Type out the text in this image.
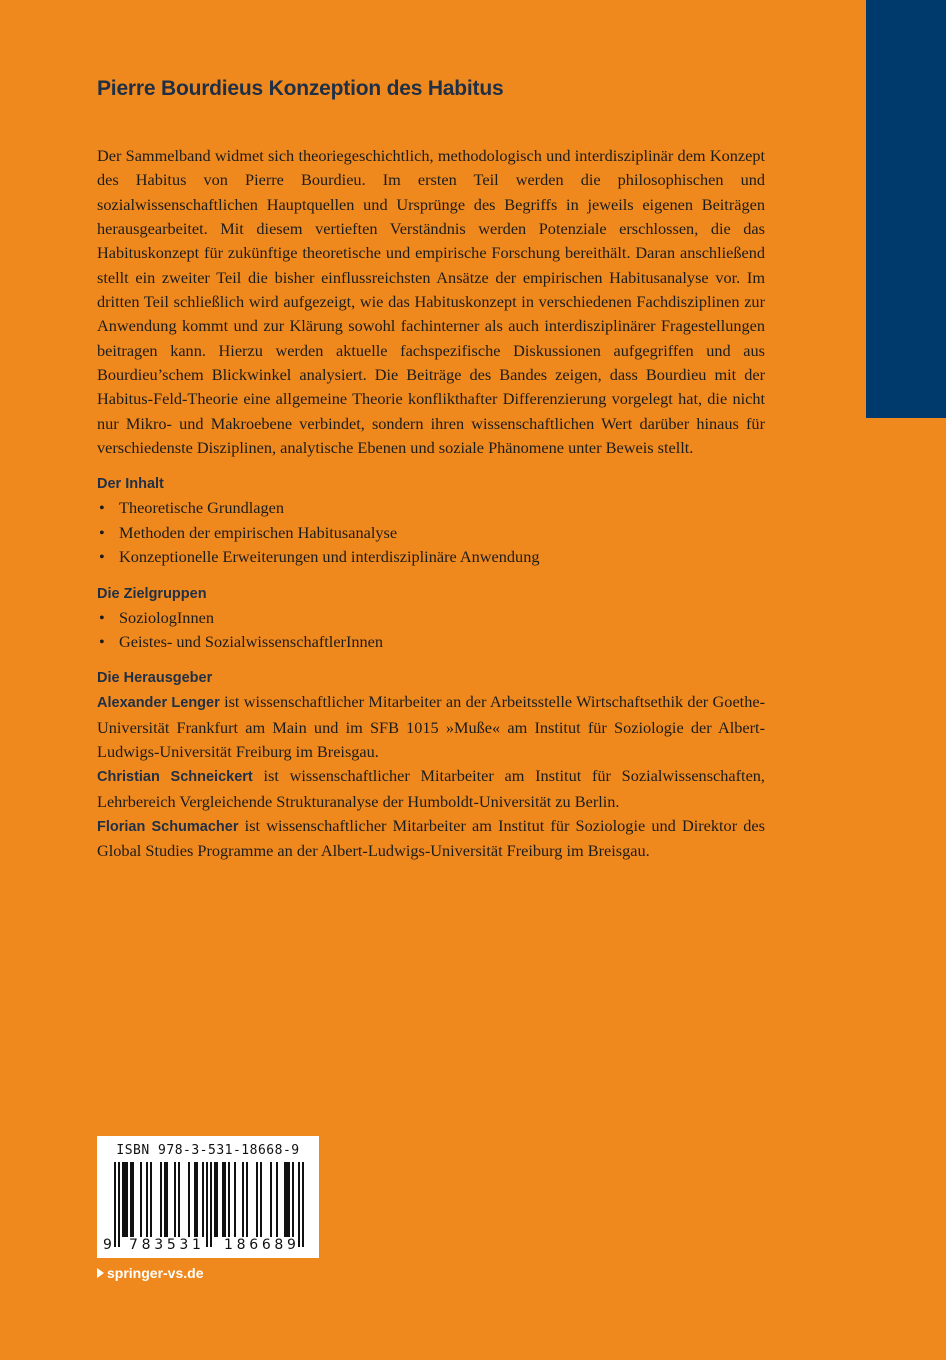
Pierre Bourdieus Konzeption des Habitus

Der Sammelband widmet sich theoriegeschichtlich, methodologisch und interdisziplinär dem Konzept des Habitus von Pierre Bourdieu. Im ersten Teil werden die philosophischen und sozialwissenschaftlichen Hauptquellen und Ursprünge des Begriffs in jeweils eigenen Beiträgen herausgearbeitet. Mit diesem vertieften Verständnis werden Potenziale erschlossen, die das Habituskonzept für zukünftige theoretische und empirische Forschung bereithält. Daran anschließend stellt ein zweiter Teil die bisher einflussreichsten Ansätze der empirischen Habitusanalyse vor. Im dritten Teil schließlich wird aufgezeigt, wie das Habituskonzept in verschiedenen Fachdisziplinen zur Anwendung kommt und zur Klärung sowohl fachinterner als auch interdisziplinärer Fragestellungen beitragen kann. Hierzu werden aktuelle fachspezifische Diskussionen aufgegriffen und aus Bourdieu’schem Blickwinkel analysiert. Die Beiträge des Bandes zeigen, dass Bourdieu mit der Habitus-Feld-Theorie eine allgemeine Theorie konflikthafter Differenzierung vorgelegt hat, die nicht nur Mikro- und Makroebene verbindet, sondern ihren wissenschaftlichen Wert darüber hinaus für verschiedenste Disziplinen, analytische Ebenen und soziale Phänomene unter Beweis stellt.

Der Inhalt
• Theoretische Grundlagen
• Methoden der empirischen Habitusanalyse
• Konzeptionelle Erweiterungen und interdisziplinäre Anwendung
Die Zielgruppen
• SoziologInnen
• Geistes- und SozialwissenschaftlerInnen
Die Herausgeber

Alexander Lenger ist wissenschaftlicher Mitarbeiter an der Arbeitsstelle Wirtschaftsethik der Goethe-Universität Frankfurt am Main und im SFB 1015 »Muße« am Institut für Soziologie der Albert-Ludwigs-Universität Freiburg im Breisgau.

Christian Schneickert ist wissenschaftlicher Mitarbeiter am Institut für Sozialwissenschaften, Lehrbereich Vergleichende Strukturanalyse der Humboldt-Universität zu Berlin.

Florian Schumacher ist wissenschaftlicher Mitarbeiter am Institut für Soziologie und Direktor des Global Studies Programme an der Albert-Ludwigs-Universität Freiburg im Breisgau.

ISBN 978-3-531-18668-9
9 783531 186689
springer-vs.de
